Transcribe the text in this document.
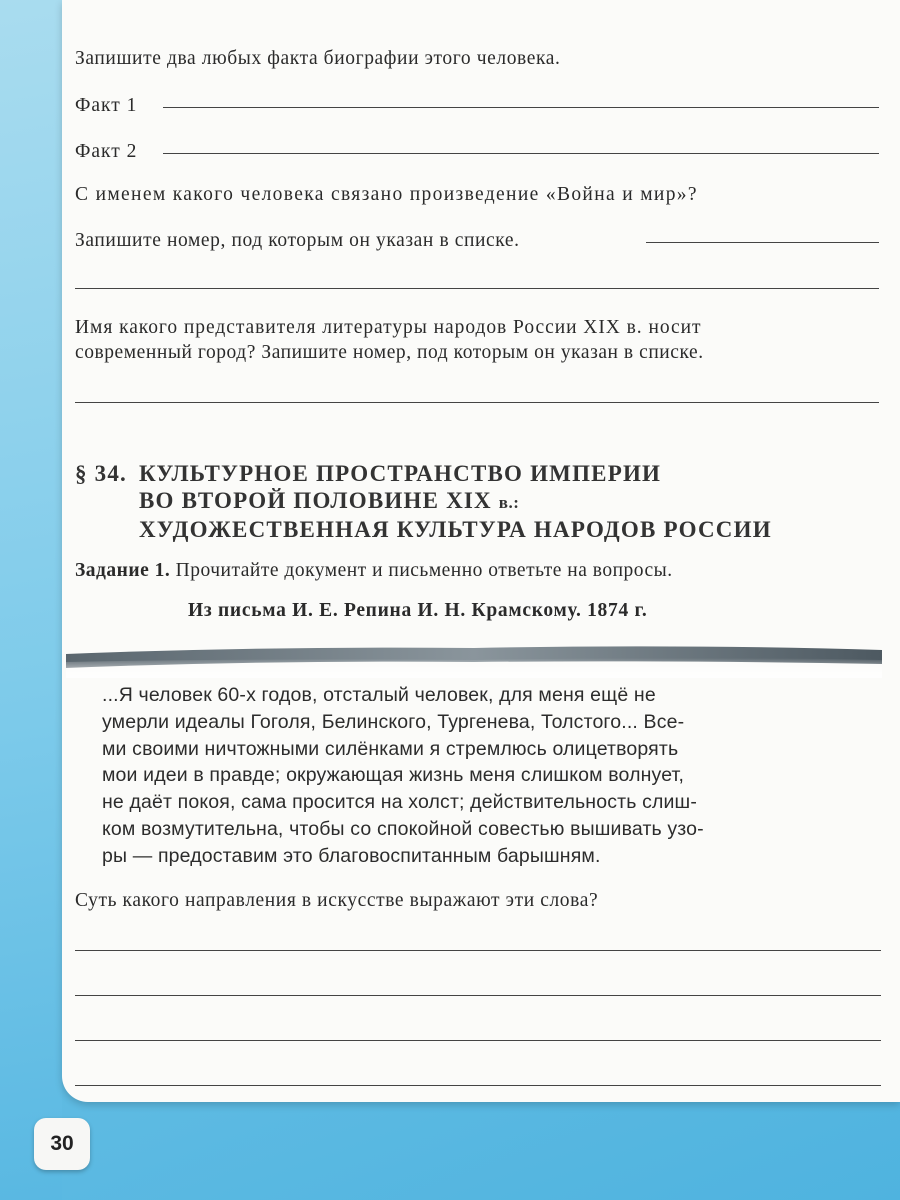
Запишите два любых факта биографии этого человека.
Факт 1
Факт 2
С именем какого человека связано произведение «Война и мир»?
Запишите номер, под которым он указан в списке.
Имя какого представителя литературы народов России XIX в. носит
современный город? Запишите номер, под которым он указан в списке.
§ 34. КУЛЬТУРНОЕ ПРОСТРАНСТВО ИМПЕРИИ
ВО ВТОРОЙ ПОЛОВИНЕ XIX в.:
ХУДОЖЕСТВЕННАЯ КУЛЬТУРА НАРОДОВ РОССИИ
Задание 1. Прочитайте документ и письменно ответьте на вопросы.
Из письма И. Е. Репина И. Н. Крамскому. 1874 г.
...Я человек 60-х годов, отсталый человек, для меня ещё не
умерли идеалы Гоголя, Белинского, Тургенева, Толстого... Все-
ми своими ничтожными силёнками я стремлюсь олицетворять
мои идеи в правде; окружающая жизнь меня слишком волнует,
не даёт покоя, сама просится на холст; действительность слиш-
ком возмутительна, чтобы со спокойной совестью вышивать узо-
ры — предоставим это благовоспитанным барышням.
Суть какого направления в искусстве выражают эти слова?
30
